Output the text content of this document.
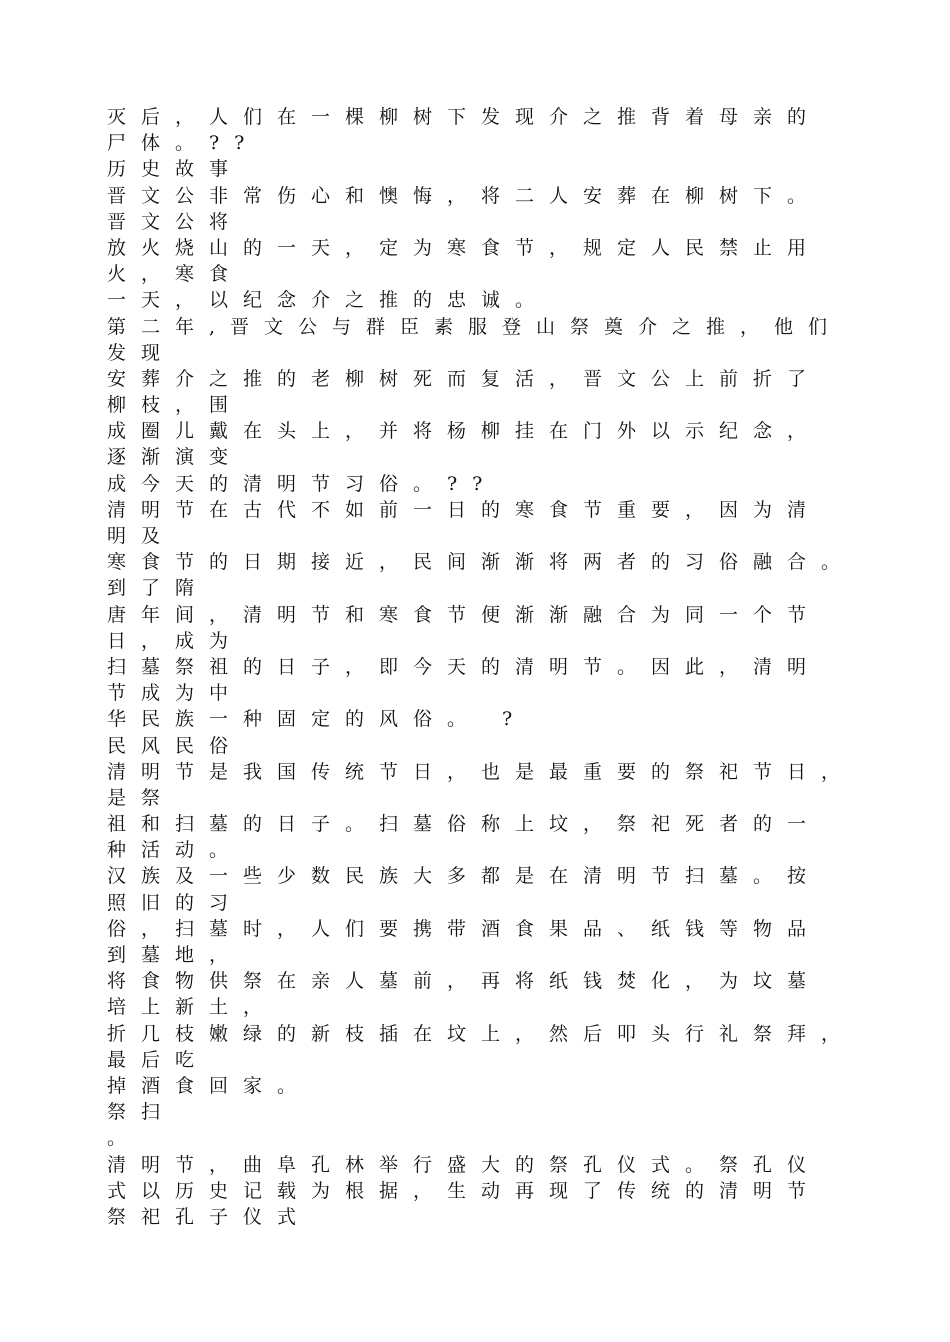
灭后，人们在一棵柳树下发现介之推背着母亲的
尸体。??
历史故事
晋文公非常伤心和懊悔，将二人安葬在柳树下。
晋文公将
放火烧山的一天，定为寒食节，规定人民禁止用
火，寒食
一天，以纪念介之推的忠诚。
第二年,晋文公与群臣素服登山祭奠介之推，他们
发现
安葬介之推的老柳树死而复活，晋文公上前折了
柳枝，围
成圈儿戴在头上，并将杨柳挂在门外以示纪念，
逐渐演变
成今天的清明节习俗。??
清明节在古代不如前一日的寒食节重要，因为清
明及
寒食节的日期接近，民间渐渐将两者的习俗融合。
到了隋
唐年间，清明节和寒食节便渐渐融合为同一个节
日，成为
扫墓祭祖的日子，即今天的清明节。因此，清明
节成为中
华民族一种固定的风俗。 ?
民风民俗
清明节是我国传统节日，也是最重要的祭祀节日，
是祭
祖和扫墓的日子。扫墓俗称上坟，祭祀死者的一
种活动。
汉族及一些少数民族大多都是在清明节扫墓。按
照旧的习
俗，扫墓时，人们要携带酒食果品、纸钱等物品
到墓地，
将食物供祭在亲人墓前，再将纸钱焚化，为坟墓
培上新土，
折几枝嫩绿的新枝插在坟上，然后叩头行礼祭拜，
最后吃
掉酒食回家。
祭扫
。
清明节，曲阜孔林举行盛大的祭孔仪式。祭孔仪
式以历史记载为根据，生动再现了传统的清明节
祭祀孔子仪式
